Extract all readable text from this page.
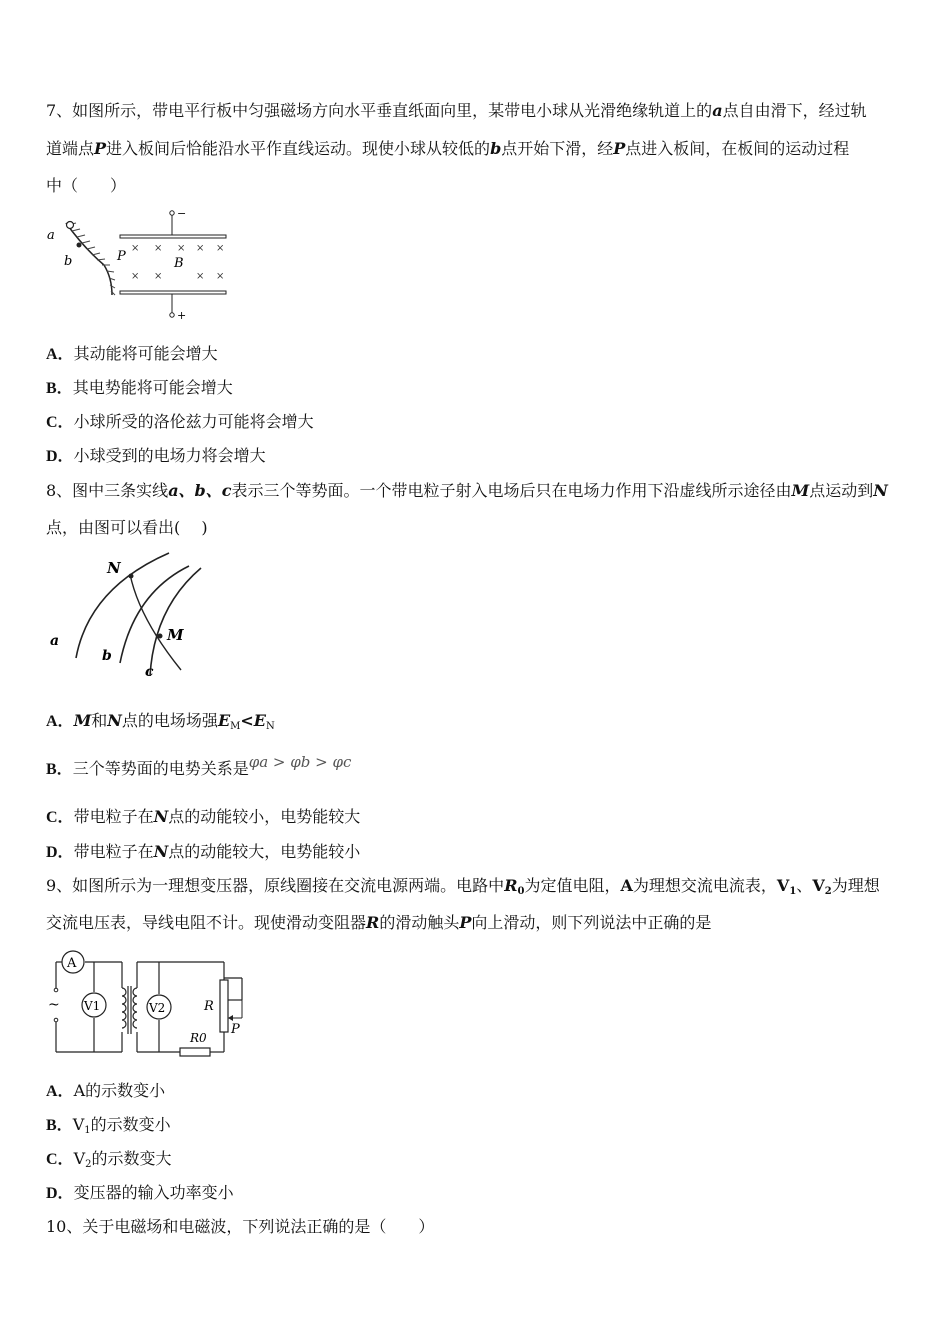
7、如图所示，带电平行板中匀强磁场方向水平垂直纸面向里，某带电小球从光滑绝缘轨道上的a点自由滑下，经过轨
道端点P进入板间后恰能沿水平作直线运动。现使小球从较低的b点开始下滑，经P点进入板间，在板间的运动过程
中（　　）
a
b	P
−
+
× × × × ×
× ×	× ×
B
A．其动能将可能会增大
B．其电势能将可能会增大
C．小球所受的洛伦兹力可能将会增大
D．小球受到的电场力将会增大
8、图中三条实线a、b、c表示三个等势面。一个带电粒子射入电场后只在电场力作用下沿虚线所示途径由M点运动到N
点，由图可以看出(　 )
N
M
a
b
c
A．M和N点的电场场强$E_M<E_N$
B．三个等势面的电势关系是φa > φb > φc
C．带电粒子在N点的动能较小，电势能较大
D．带电粒子在N点的动能较大，电势能较小
9、如图所示为一理想变压器，原线圈接在交流电源两端。电路中$R_0$为定值电阻，A为理想交流电流表，$V_1$、$V_2$为理想
交流电压表，导线电阻不计。现使滑动变阻器R的滑动触头P向上滑动，则下列说法中正确的是
~
A
V1	V2	R
P
R0
A．A的示数变小
B．$V_1$的示数变小
C．$V_2$的示数变大
D．变压器的输入功率变小
10、关于电磁场和电磁波，下列说法正确的是（　　）
